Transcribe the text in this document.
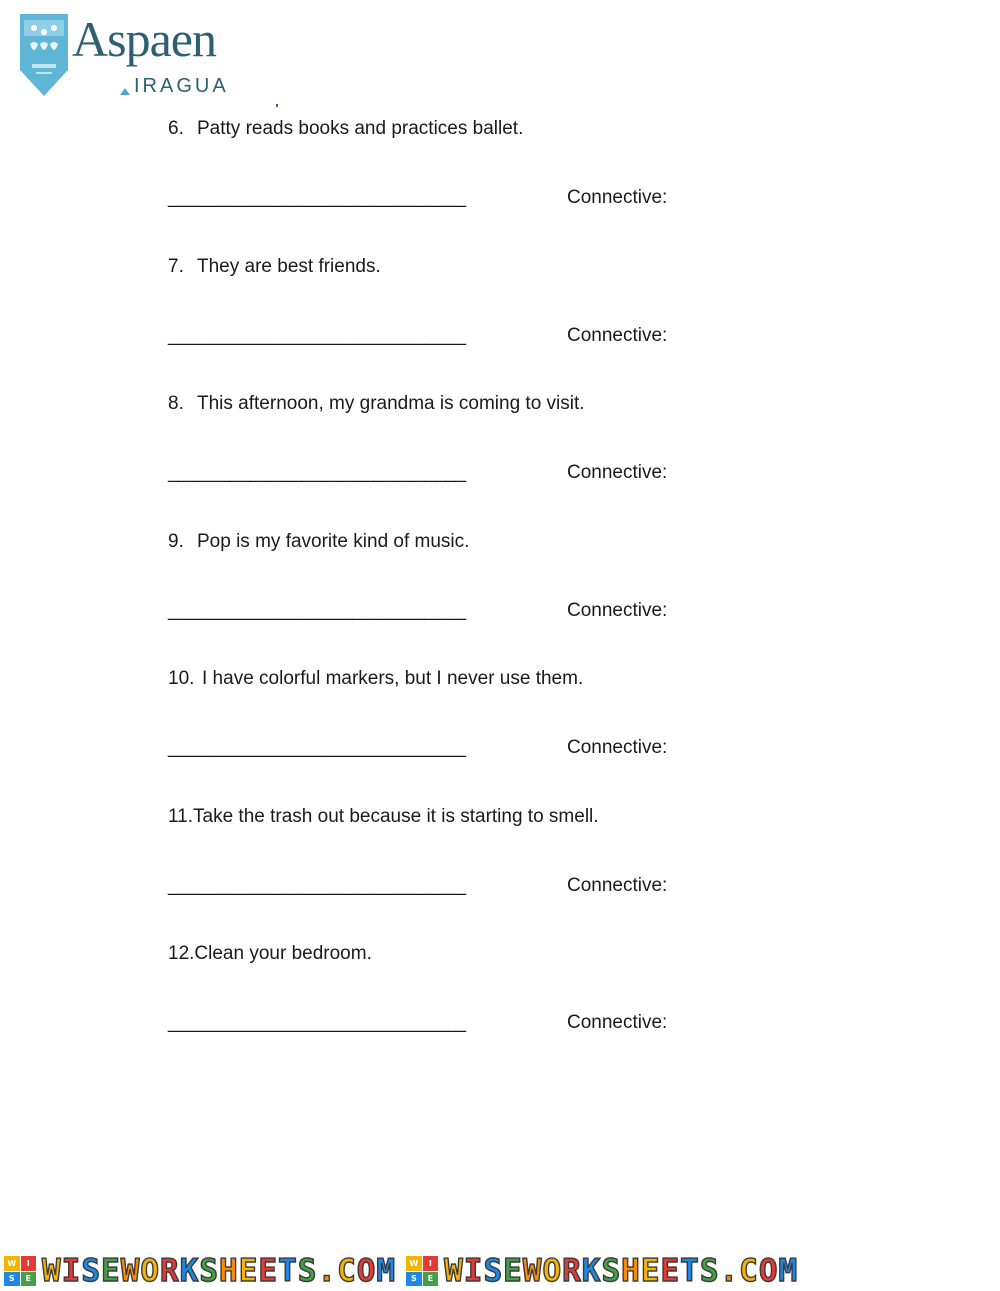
Aspaen
IRAGUA
6. Patty reads books and practices ballet.
_____________________________	Connective:
7. They are best friends.
_____________________________	Connective:
8. This afternoon, my grandma is coming to visit.
_____________________________	Connective:
9. Pop is my favorite kind of music.
_____________________________	Connective:
10. I have colorful markers, but I never use them.
_____________________________	Connective:
11.Take the trash out because it is starting to smell.
_____________________________	Connective:
12.Clean your bedroom.
_____________________________	Connective:
W	I
S	E WISEWORKSHEETS.COM	W	I
S	E WISEWORKSHEETS.COM
